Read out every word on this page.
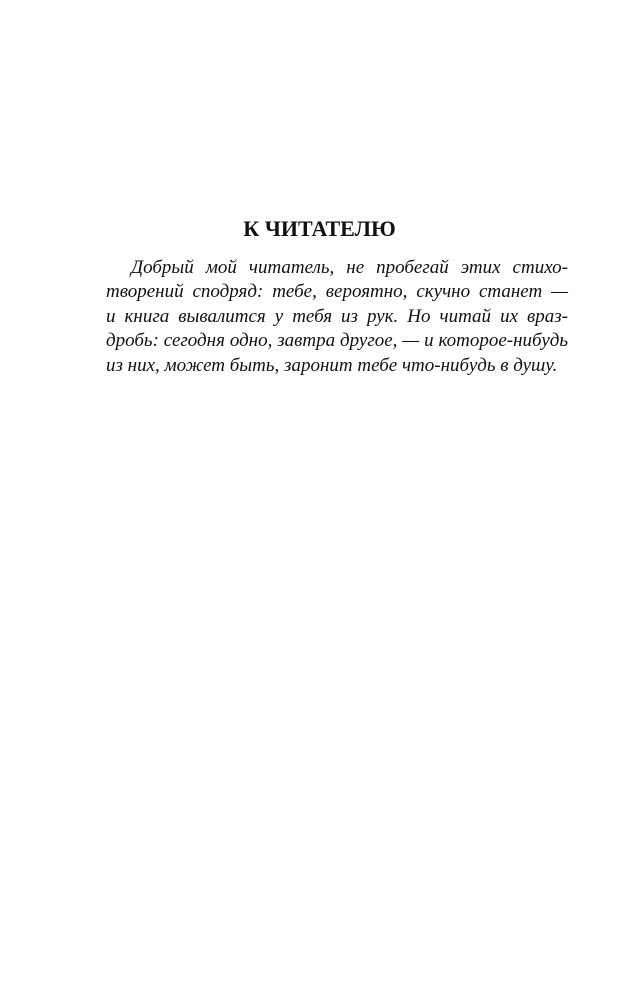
К ЧИТАТЕЛЮ
Добрый мой читатель, не пробегай этих стихо-
творений сподряд: тебе, вероятно, скучно станет —
и книга вывалится у тебя из рук. Но читай их враз-
дробь: сегодня одно, завтра другое, — и которое-нибудь
из них, может быть, заронит тебе что-нибудь в душу.
